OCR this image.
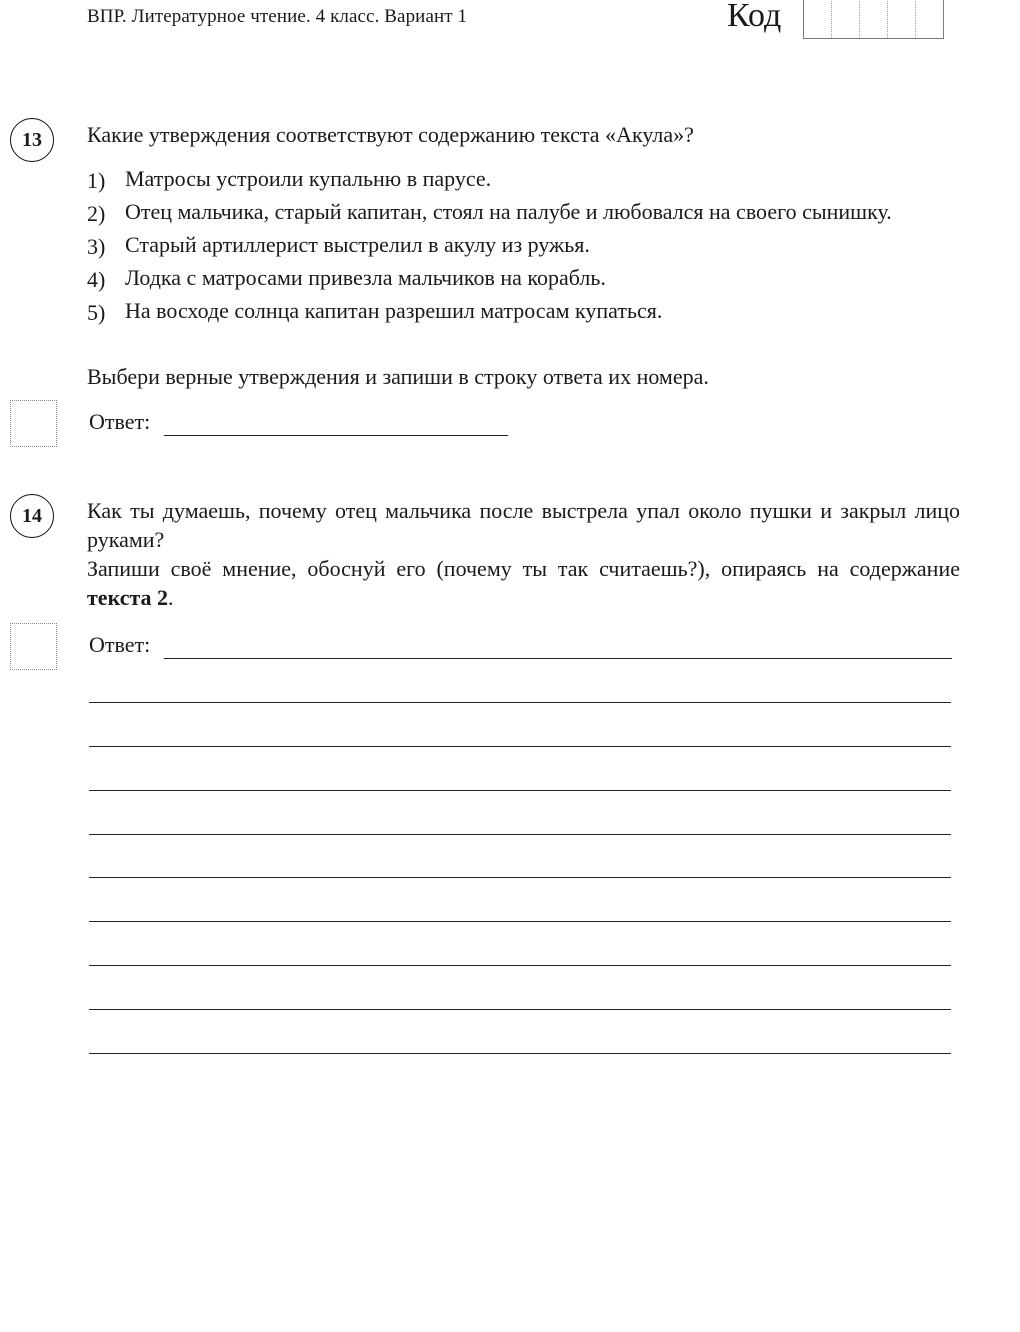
ВПР. Литературное чтение. 4 класс. Вариант 1	Код
13	Какие утверждения соответствуют содержанию текста «Акула»?
1) Матросы устроили купальню в парусе.
2) Отец мальчика, старый капитан, стоял на палубе и любовался на своего сынишку.
3) Старый артиллерист выстрелил в акулу из ружья.
4) Лодка с матросами привезла мальчиков на корабль.
5) На восходе солнца капитан разрешил матросам купаться.
Выбери верные утверждения и запиши в строку ответа их номера.
Ответ:
14	Как ты думаешь, почему отец мальчика после выстрела упал около пушки и закрыл лицо руками?
Запиши своё мнение, обоснуй его (почему ты так считаешь?), опираясь на содержание текста 2.
Ответ:
